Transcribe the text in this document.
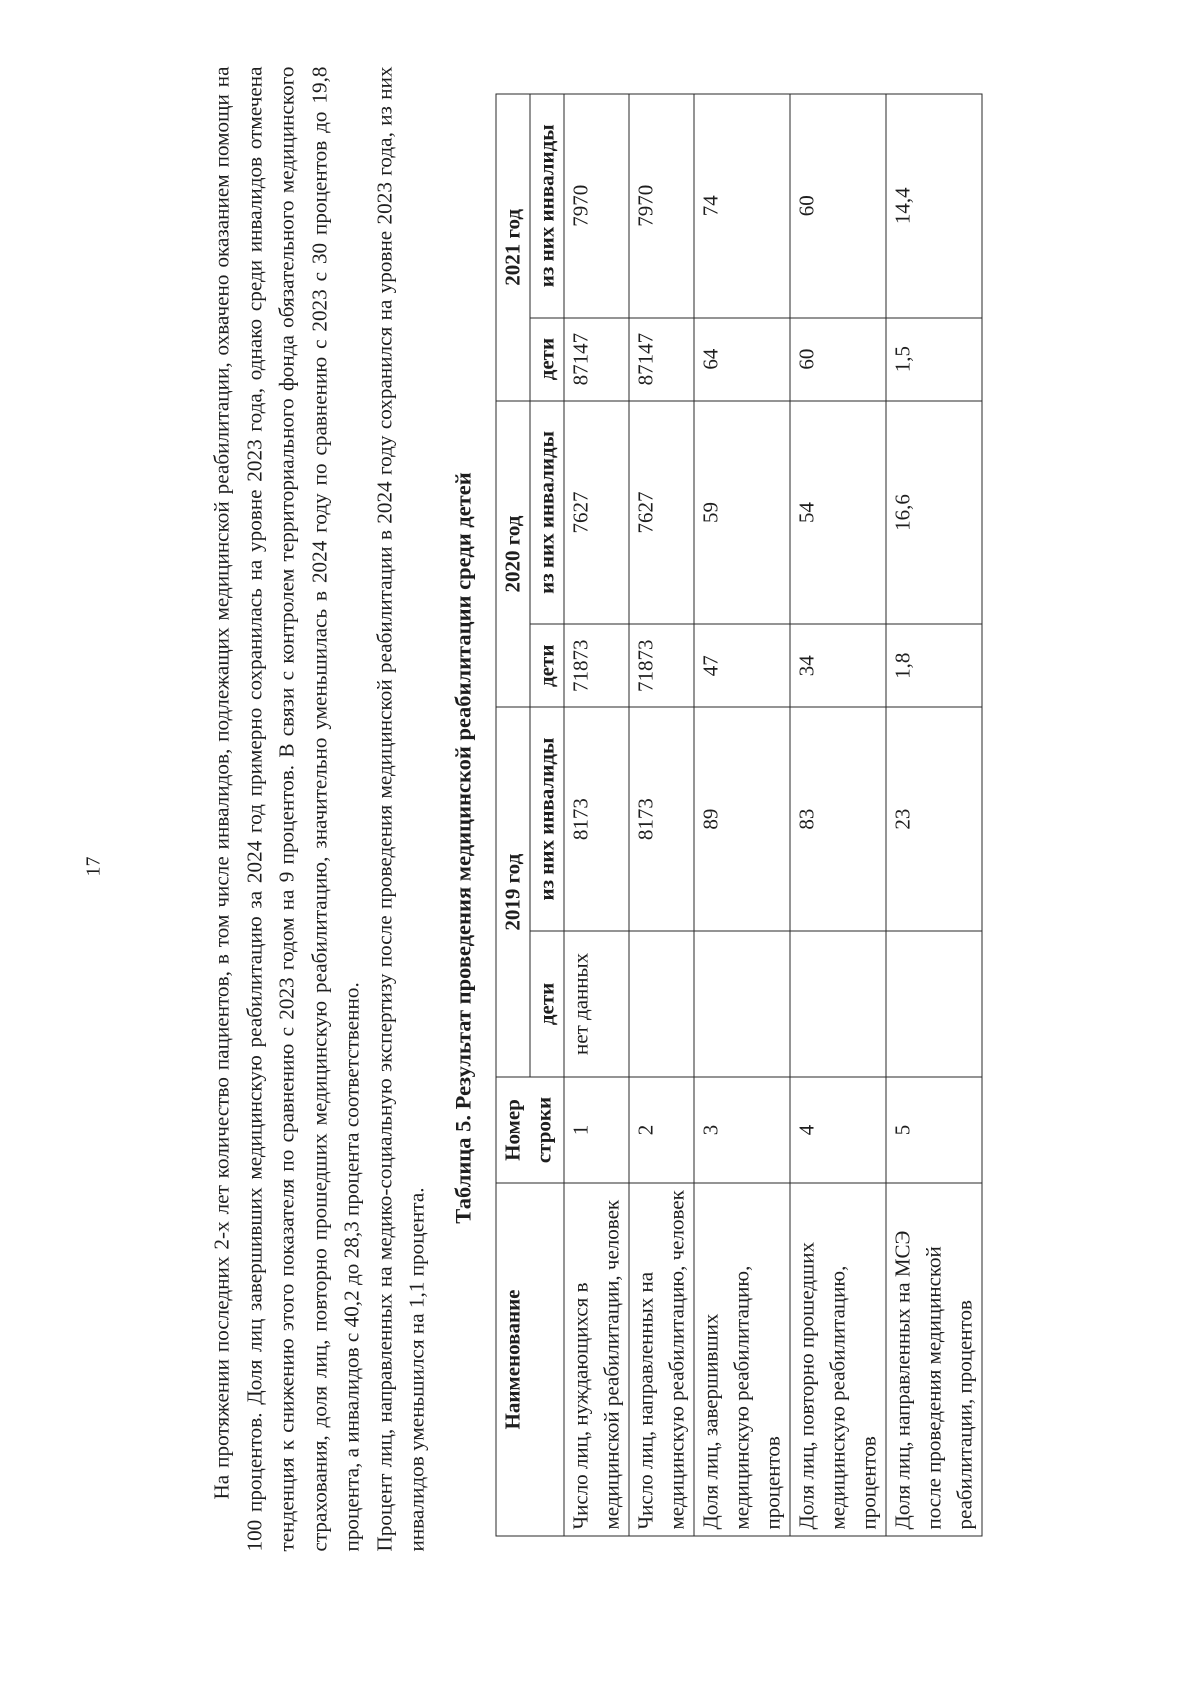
17	На протяжении последних 2-х лет количество пациентов, в том числе инвалидов, подлежащих медицинской реабилитации, охвачено оказанием помощи на 100 процентов. Доля лиц завершивших медицинскую реабилитацию за 2024 год примерно сохранилась на уровне 2023 года, однако среди инвалидов отмечена тенденция к снижению этого показателя по сравнению с 2023 годом на 9 процентов. В связи с контролем территориального фонда обязательного медицинского страхования, доля лиц, повторно прошедших медицинскую реабилитацию, значительно уменьшилась в 2024 году по сравнению с 2023 с 30 процентов до 19,8 процента, а инвалидов с 40,2 до 28,3 процента соответственно. Процент лиц, направленных на медико-социальную экспертизу после проведения медицинской реабилитации в 2024 году сохранился на уровне 2023 года, из них инвалидов уменьшился на 1,1 процента.

Таблица 5. Результат проведения медицинской реабилитации среди детей
Наименование	Номер строки	2019 год		2020 год		2021 год	
		дети	из них инвалиды	дети	из них инвалиды	дети	из них инвалиды
Число лиц, нуждающихся в медицинской реабилитации, человек	1	нет данных	8173	71873	7627	87147	7970
Число лиц, направленных на медицинскую реабилитацию, человек	2		8173	71873	7627	87147	7970
Доля лиц, завершивших медицинскую реабилитацию, процентов	3		89	47	59	64	74
Доля лиц, повторно прошедших медицинскую реабилитацию, процентов	4		83	34	54	60	60
Доля лиц, направленных на МСЭ после проведения медицинской реабилитации, процентов	5		23	1,8	16,6	1,5	14,4
